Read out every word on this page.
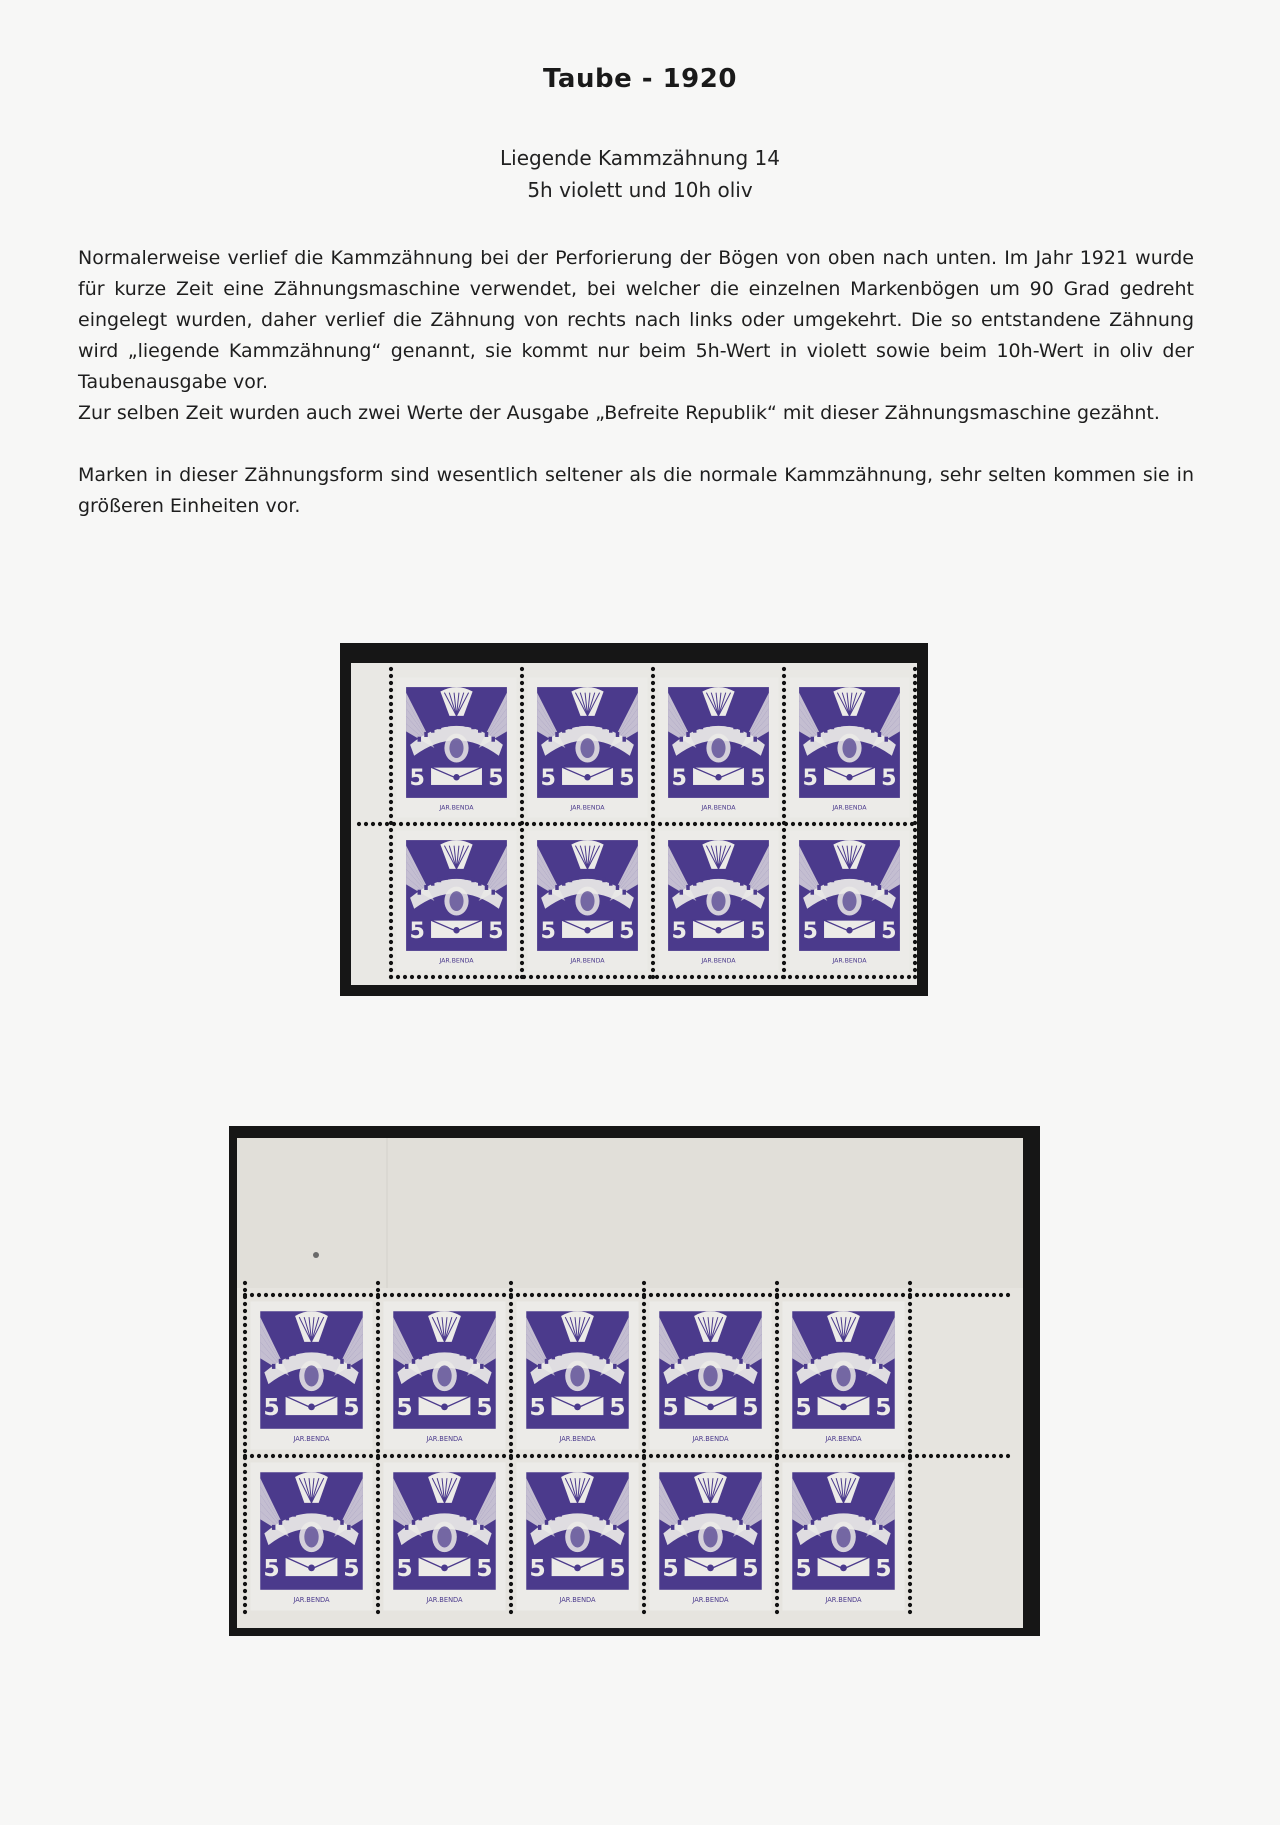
Taube - 1920
Liegende Kammzähnung 14
5h violett und 10h oliv

Normalerweise verlief die Kammzähnung bei der Perforierung der Bögen von oben nach unten. Im Jahr 1921 wurde für kurze Zeit eine Zähnungsmaschine verwendet, bei welcher die einzelnen Markenbögen um 90 Grad gedreht eingelegt wurden, daher verlief die Zähnung von rechts nach links oder umgekehrt. Die so entstandene Zähnung wird „liegende Kammzähnung“ genannt, sie kommt nur beim 5h-Wert in violett sowie beim 10h-Wert in oliv der Taubenausgabe vor.

Zur selben Zeit wurden auch zwei Werte der Ausgabe „Befreite Republik“ mit dieser Zähnungsmaschine gezähnt.

Marken in dieser Zähnungsform sind wesentlich seltener als die normale Kammzähnung, sehr selten kommen sie in größeren Einheiten vor.

5	5
JAR.BENDA
5	5
JAR.BENDA
5	5
JAR.BENDA
5	5
JAR.BENDA
5	5
JAR.BENDA
5	5
JAR.BENDA
5	5
JAR.BENDA
5	5
JAR.BENDA
5	5
JAR.BENDA
5	5
JAR.BENDA
5	5
JAR.BENDA
5	5
JAR.BENDA
5	5
JAR.BENDA
5	5
JAR.BENDA
5	5
JAR.BENDA
5	5
JAR.BENDA
5	5
JAR.BENDA
5	5
JAR.BENDA
